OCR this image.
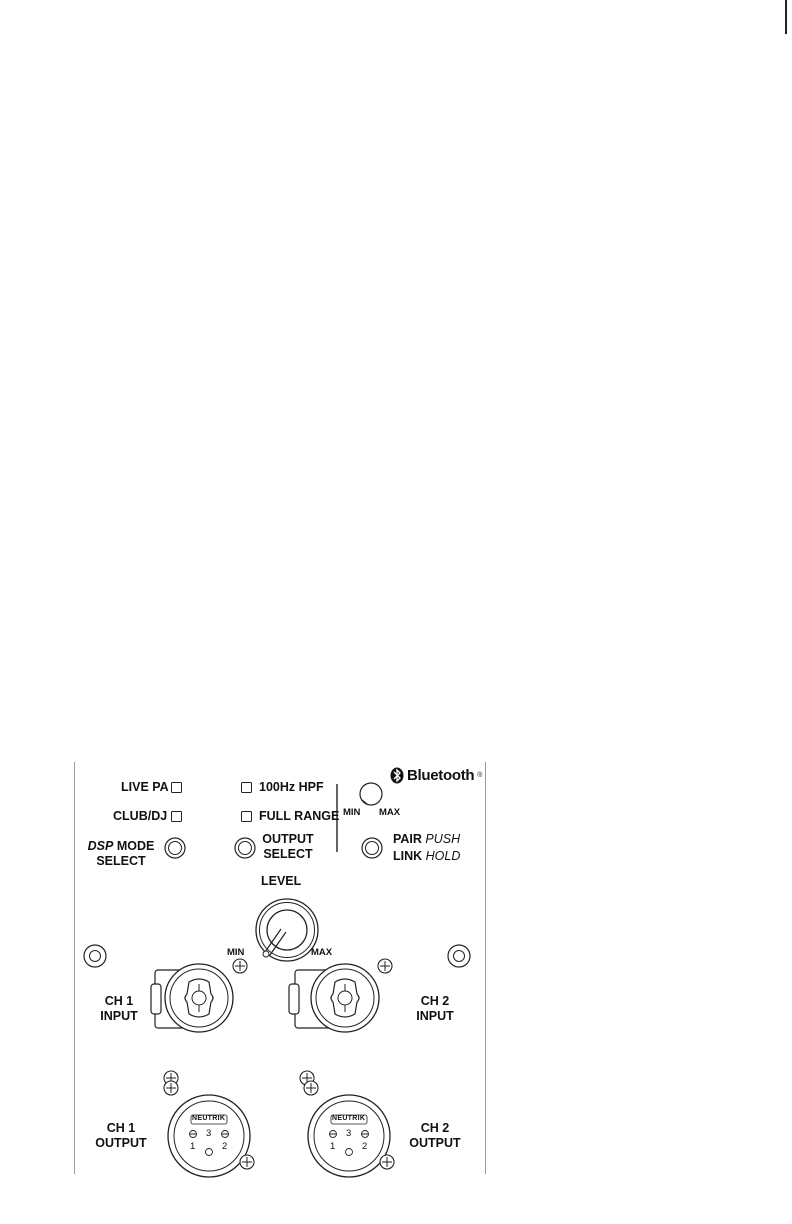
Bluetooth ®
MIN MAX
LIVE PA
CLUB/DJ
DSP MODE
SELECT
100Hz HPF
FULL RANGE
OUTPUT
SELECT
PAIR PUSH
LINK HOLD
LEVEL
MIN	MAX
CH 1
INPUT
CH 2
INPUT
CH 1
OUTPUT
CH 2
OUTPUT
NEUTRIK	NEUTRIK
1
3
2	1
3
2
